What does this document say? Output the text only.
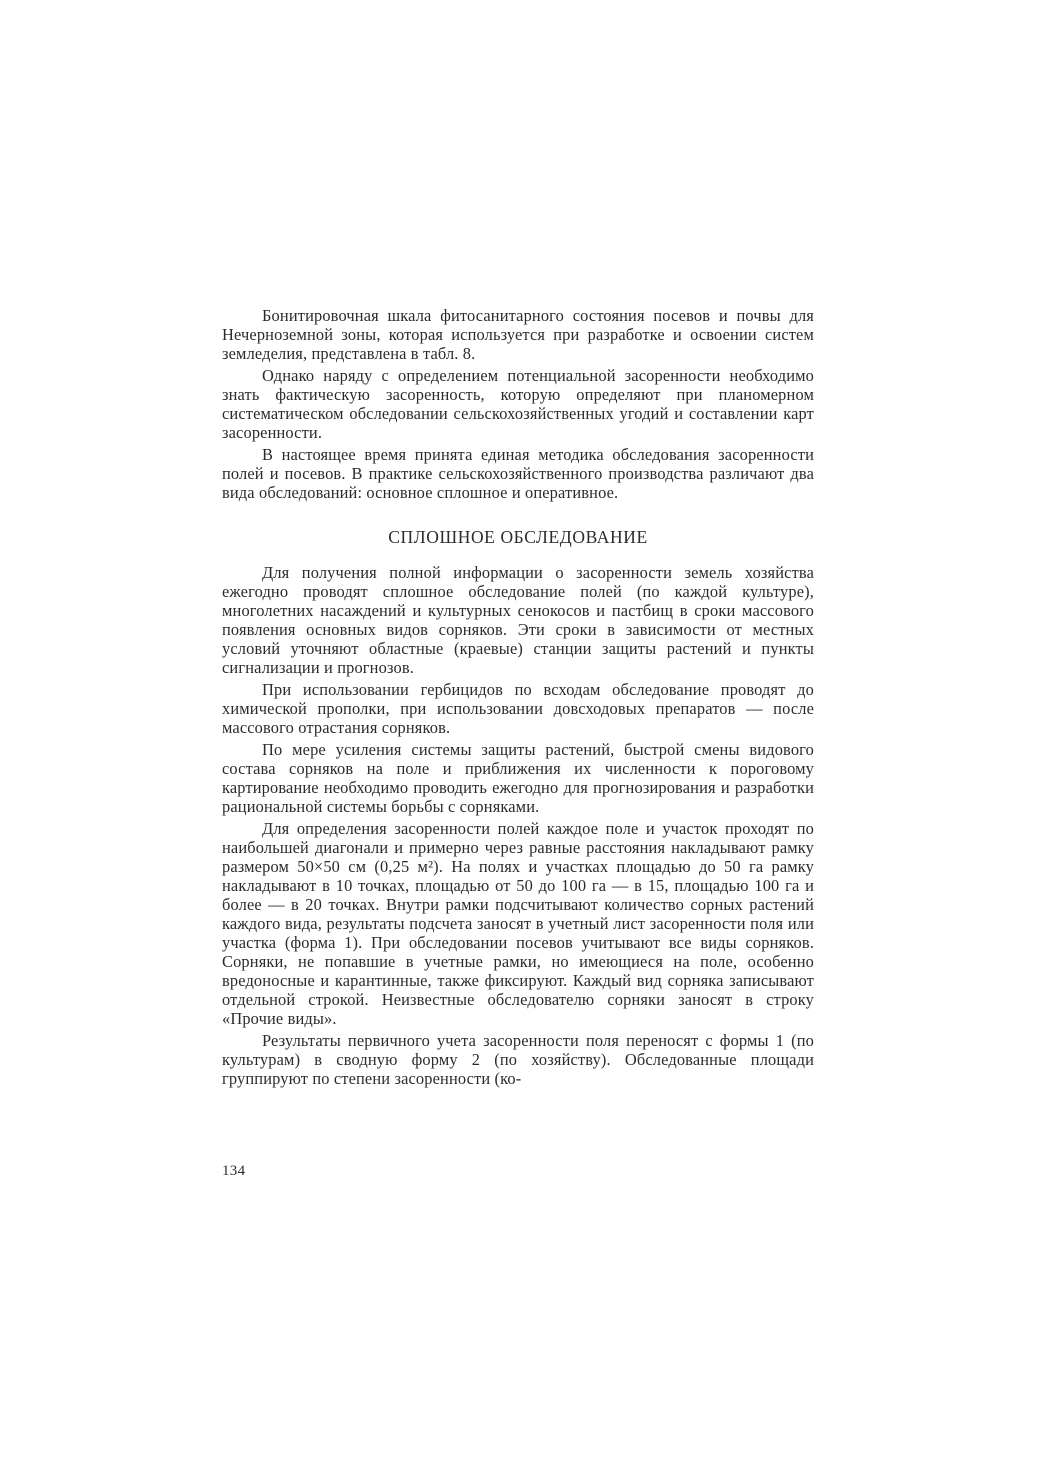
Бонитировочная шкала фитосанитарного состояния посевов и почвы для Нечерноземной зоны, которая используется при разработке и освоении систем земледелия, представлена в табл. 8.

Однако наряду с определением потенциальной засоренности необходимо знать фактическую засоренность, которую определяют при планомерном систематическом обследовании сельскохозяйственных угодий и составлении карт засоренности.

В настоящее время принята единая методика обследования засоренности полей и посевов. В практике сельскохозяйственного производства различают два вида обследований: основное сплошное и оперативное.

СПЛОШНОЕ ОБСЛЕДОВАНИЕ

Для получения полной информации о засоренности земель хозяйства ежегодно проводят сплошное обследование полей (по каждой культуре), многолетних насаждений и культурных сенокосов и пастбищ в сроки массового появления основных видов сорняков. Эти сроки в зависимости от местных условий уточняют областные (краевые) станции защиты растений и пункты сигнализации и прогнозов.

При использовании гербицидов по всходам обследование проводят до химической прополки, при использовании довсходовых препаратов — после массового отрастания сорняков.

По мере усиления системы защиты растений, быстрой смены видового состава сорняков на поле и приближения их численности к пороговому картирование необходимо проводить ежегодно для прогнозирования и разработки рациональной системы борьбы с сорняками.

Для определения засоренности полей каждое поле и участок проходят по наибольшей диагонали и примерно через равные расстояния накладывают рамку размером 50×50 см (0,25 м²). На полях и участках площадью до 50 га рамку накладывают в 10 точках, площадью от 50 до 100 га — в 15, площадью 100 га и более — в 20 точках. Внутри рамки подсчитывают количество сорных растений каждого вида, результаты подсчета заносят в учетный лист засоренности поля или участка (форма 1). При обследовании посевов учитывают все виды сорняков. Сорняки, не попавшие в учетные рамки, но имеющиеся на поле, особенно вредоносные и карантинные, также фиксируют. Каждый вид сорняка записывают отдельной строкой. Неизвестные обследователю сорняки заносят в строку «Прочие виды».

Результаты первичного учета засоренности поля переносят с формы 1 (по культурам) в сводную форму 2 (по хозяйству). Обследованные площади группируют по степени засоренности (ко-

134
